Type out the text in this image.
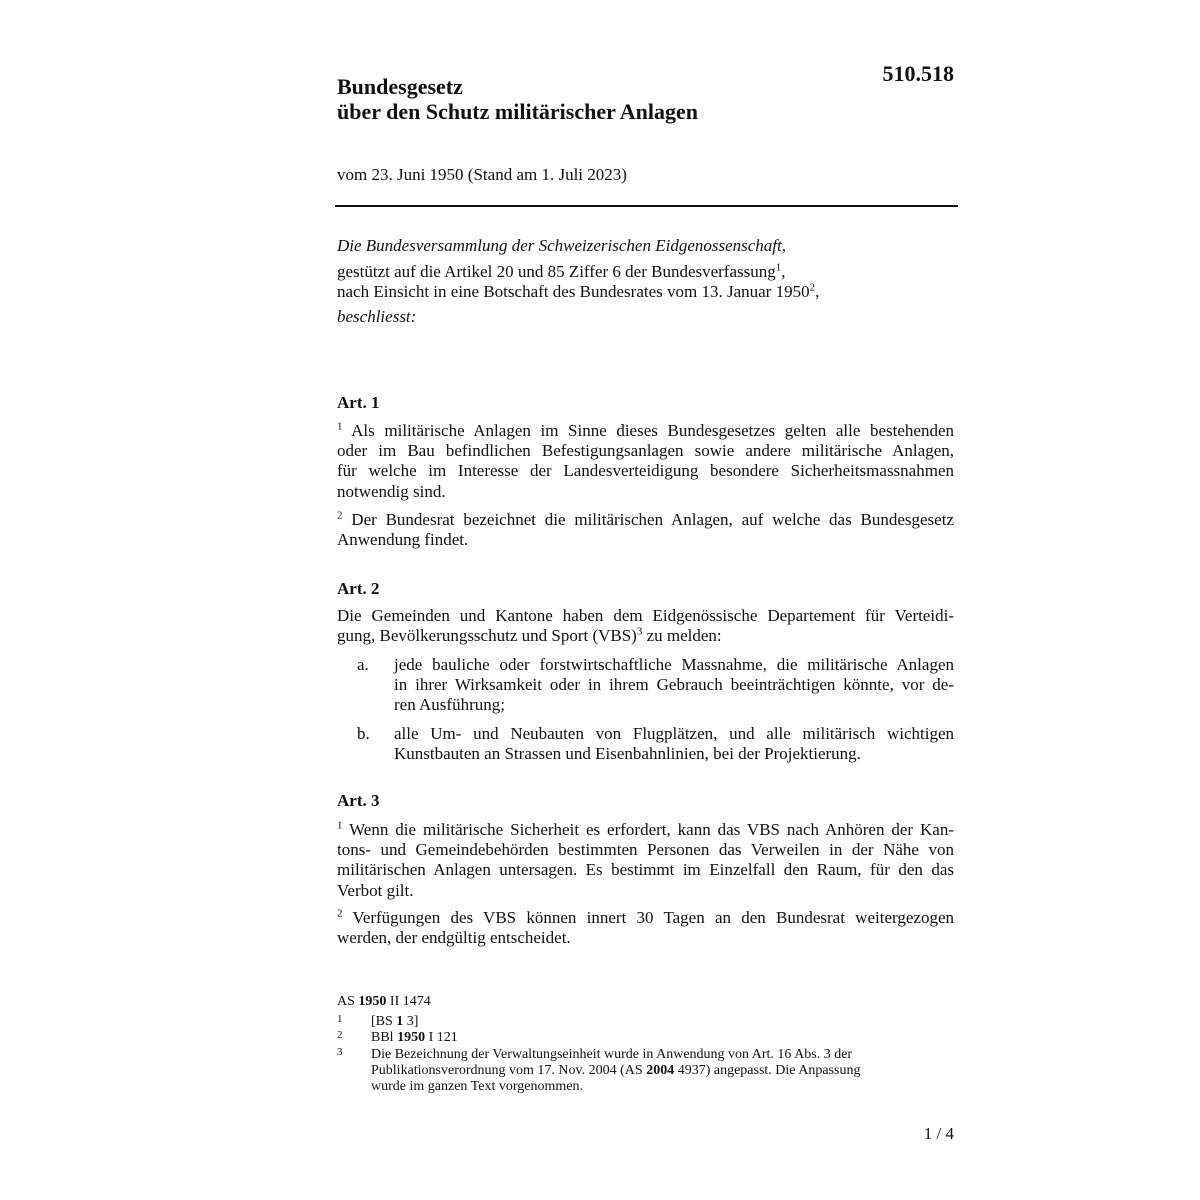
510.518
Bundesgesetz
über den Schutz militärischer Anlagen
vom 23. Juni 1950 (Stand am 1. Juli 2023)
Die Bundesversammlung der Schweizerischen Eidgenossenschaft,
gestützt auf die Artikel 20 und 85 Ziffer 6 der Bundesverfassung$^1$,
nach Einsicht in eine Botschaft des Bundesrates vom 13. Januar 1950$^2$,
beschliesst:
Art. 1
$^1$ Als militärische Anlagen im Sinne dieses Bundesgesetzes gelten alle bestehenden
oder im Bau befindlichen Befestigungsanlagen sowie andere militärische Anlagen,
für welche im Interesse der Landesverteidigung besondere Sicherheitsmassnahmen
notwendig sind.
$^2$ Der Bundesrat bezeichnet die militärischen Anlagen, auf welche das Bundesgesetz
Anwendung findet.
Art. 2
Die Gemeinden und Kantone haben dem Eidgenössische Departement für Verteidi-
gung, Bevölkerungsschutz und Sport (VBS)$^3$ zu melden:
a. jede bauliche oder forstwirtschaftliche Massnahme, die militärische Anlagen
in ihrer Wirksamkeit oder in ihrem Gebrauch beeinträchtigen könnte, vor de-
ren Ausführung;
b. alle Um- und Neubauten von Flugplätzen, und alle militärisch wichtigen
Kunstbauten an Strassen und Eisenbahnlinien, bei der Projektierung.
Art. 3
$^1$ Wenn die militärische Sicherheit es erfordert, kann das VBS nach Anhören der Kan-
tons- und Gemeindebehörden bestimmten Personen das Verweilen in der Nähe von
militärischen Anlagen untersagen. Es bestimmt im Einzelfall den Raum, für den das
Verbot gilt.
$^2$ Verfügungen des VBS können innert 30 Tagen an den Bundesrat weitergezogen
werden, der endgültig entscheidet.
AS 1950 II 1474
1 [BS 1 3]
2 BBl 1950 I 121
3 Die Bezeichnung der Verwaltungseinheit wurde in Anwendung von Art. 16 Abs. 3 der
Publikationsverordnung vom 17. Nov. 2004 (AS 2004 4937) angepasst. Die Anpassung
wurde im ganzen Text vorgenommen.
1 / 4
